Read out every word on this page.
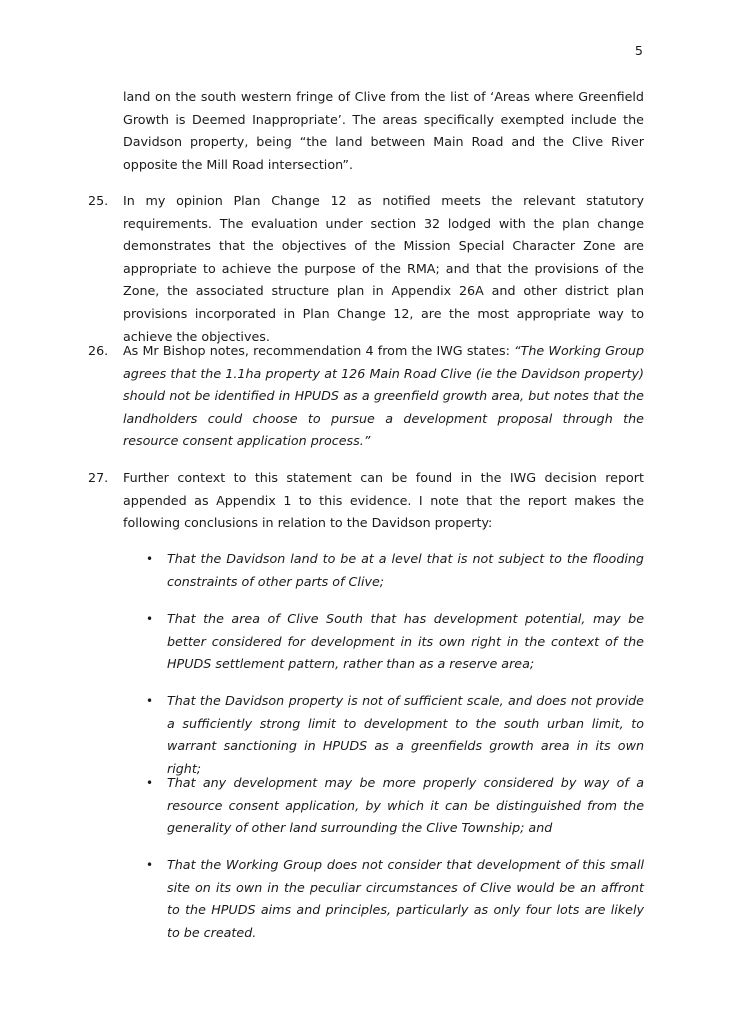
5
land on the south western fringe of Clive from the list of ‘Areas where Greenfield Growth is Deemed Inappropriate’. The areas specifically exempted include the Davidson property, being “the land between Main Road and the Clive River opposite the Mill Road intersection”.
25. In my opinion Plan Change 12 as notified meets the relevant statutory requirements. The evaluation under section 32 lodged with the plan change demonstrates that the objectives of the Mission Special Character Zone are appropriate to achieve the purpose of the RMA; and that the provisions of the Zone, the associated structure plan in Appendix 26A and other district plan provisions incorporated in Plan Change 12, are the most appropriate way to achieve the objectives.
26. As Mr Bishop notes, recommendation 4 from the IWG states: “The Working Group agrees that the 1.1ha property at 126 Main Road Clive (ie the Davidson property) should not be identified in HPUDS as a greenfield growth area, but notes that the landholders could choose to pursue a development proposal through the resource consent application process.”
27. Further context to this statement can be found in the IWG decision report appended as Appendix 1 to this evidence. I note that the report makes the following conclusions in relation to the Davidson property:
• That the Davidson land to be at a level that is not subject to the flooding constraints of other parts of Clive;
• That the area of Clive South that has development potential, may be better considered for development in its own right in the context of the HPUDS settlement pattern, rather than as a reserve area;
• That the Davidson property is not of sufficient scale, and does not provide a sufficiently strong limit to development to the south urban limit, to warrant sanctioning in HPUDS as a greenfields growth area in its own right;
• That any development may be more properly considered by way of a resource consent application, by which it can be distinguished from the generality of other land surrounding the Clive Township; and
• That the Working Group does not consider that development of this small site on its own in the peculiar circumstances of Clive would be an affront to the HPUDS aims and principles, particularly as only four lots are likely to be created.
